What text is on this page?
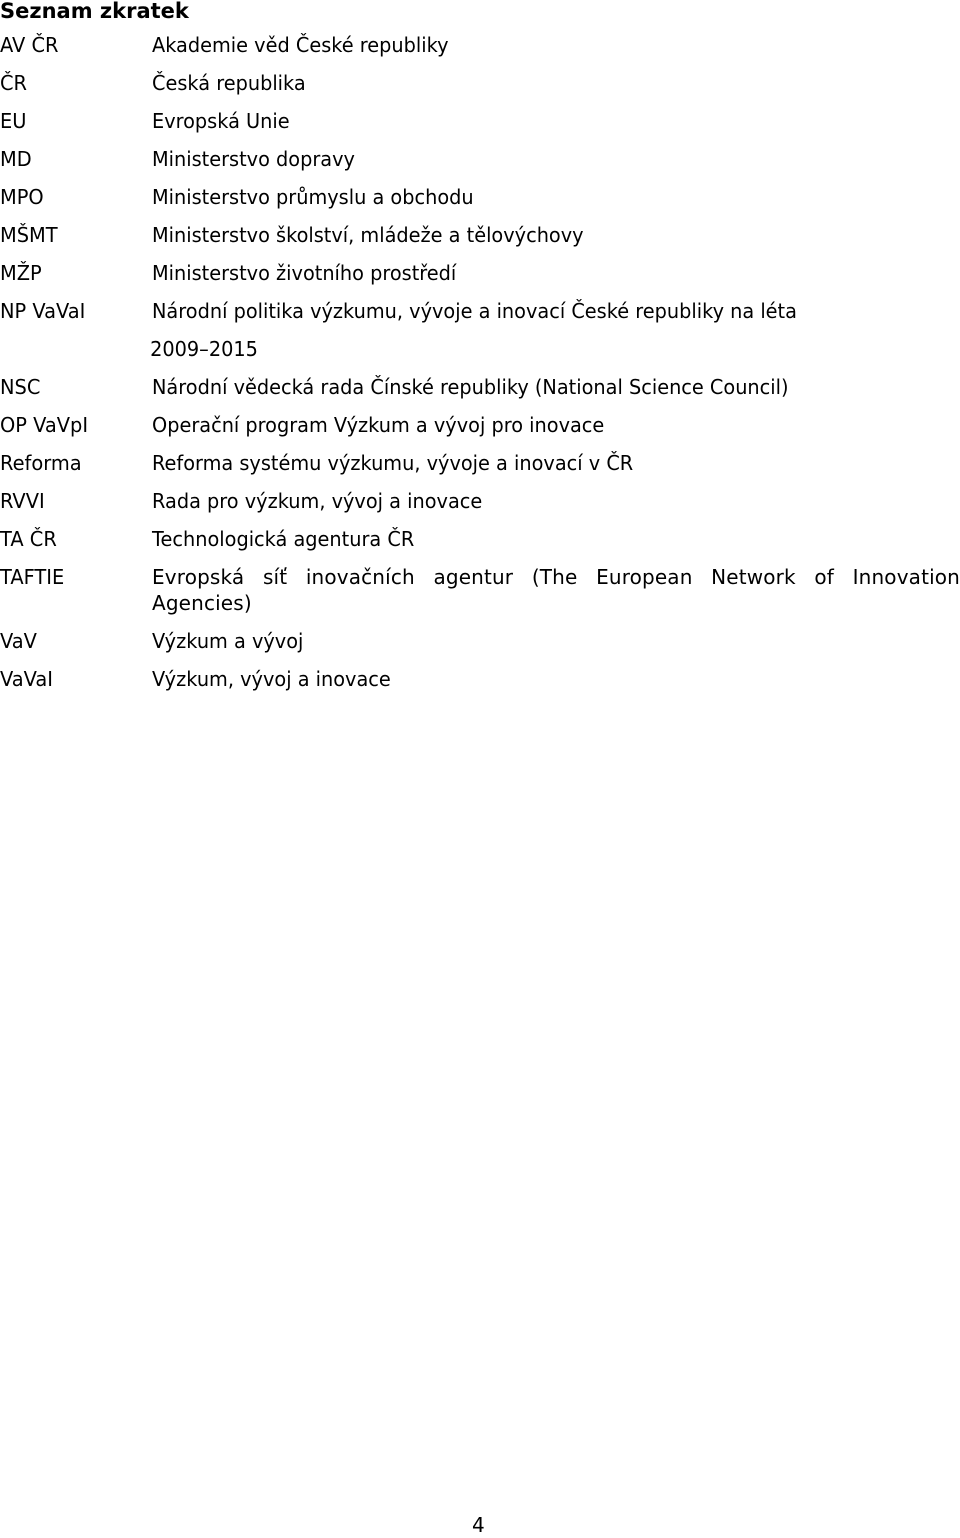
Seznam zkratek
AV ČR	Akademie věd České republiky
ČR	Česká republika
EU	Evropská Unie
MD	Ministerstvo dopravy
MPO	Ministerstvo průmyslu a obchodu
MŠMT	Ministerstvo školství, mládeže a tělovýchovy
MŽP	Ministerstvo životního prostředí
NP VaVaI	Národní politika výzkumu, vývoje a inovací České republiky na léta
2009–2015
NSC	Národní vědecká rada Čínské republiky (National Science Council)
OP VaVpI	Operační program Výzkum a vývoj pro inovace
Reforma	Reforma systému výzkumu, vývoje a inovací v ČR
RVVI	Rada pro výzkum, vývoj a inovace
TA ČR	Technologická agentura ČR
TAFTIE	Evropská síť inovačních agentur (The European Network of Innovation Agencies)
VaV	Výzkum a vývoj
VaVaI	Výzkum, vývoj a inovace
4
